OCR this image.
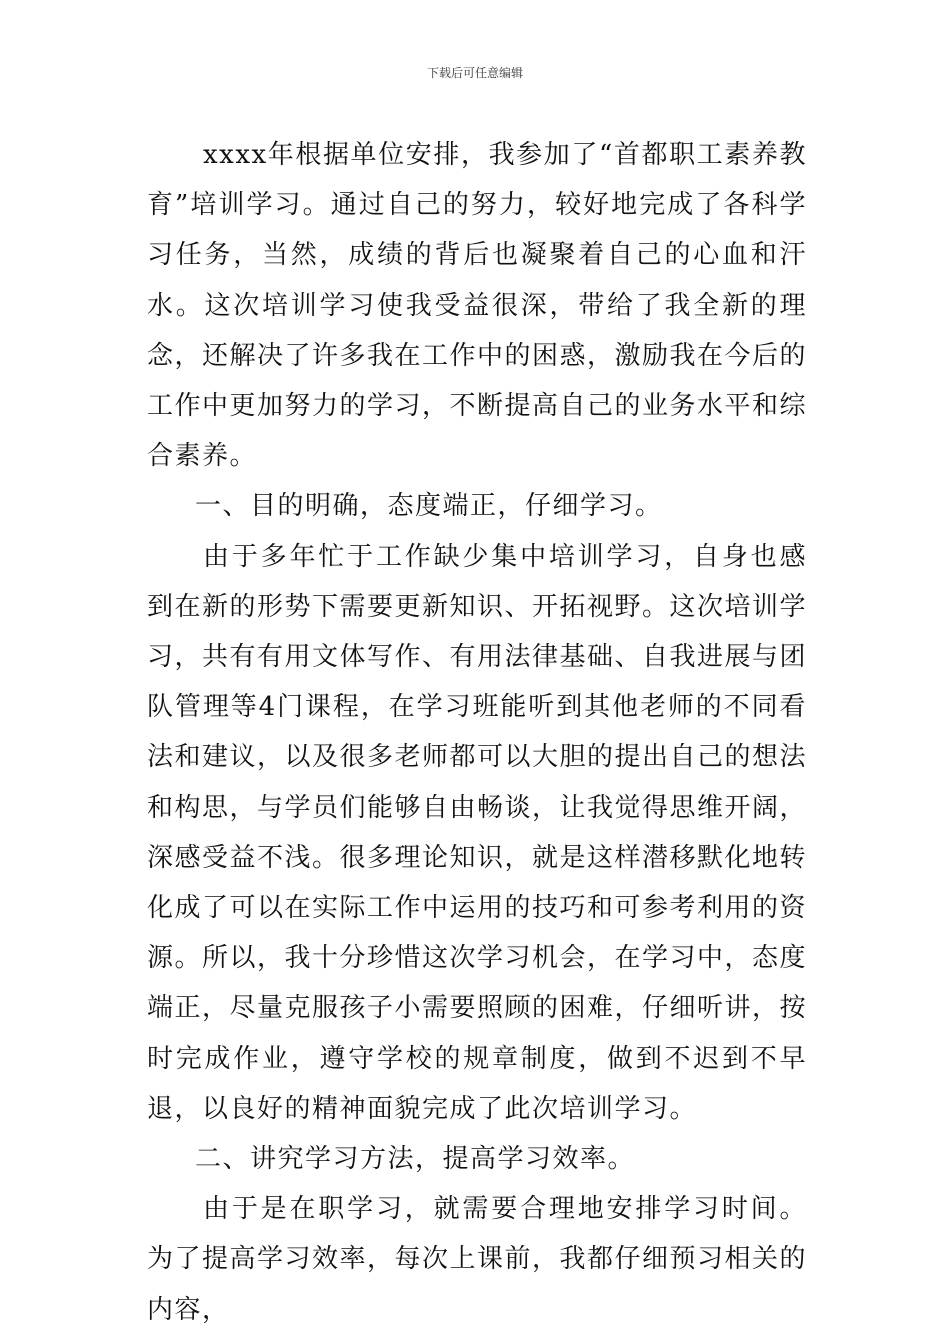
下载后可任意编辑

xxxx年根据单位安排，我参加了“首都职工素养教育”培训学习。通过自己的努力，较好地完成了各科学习任务，当然，成绩的背后也凝聚着自己的心血和汗水。这次培训学习使我受益很深，带给了我全新的理念，还解决了许多我在工作中的困惑，激励我在今后的工作中更加努力的学习，不断提高自己的业务水平和综合素养。

一、目的明确，态度端正，仔细学习。

由于多年忙于工作缺少集中培训学习，自身也感到在新的形势下需要更新知识、开拓视野。这次培训学习，共有有用文体写作、有用法律基础、自我进展与团队管理等4门课程，在学习班能听到其他老师的不同看法和建议，以及很多老师都可以大胆的提出自己的想法和构思，与学员们能够自由畅谈，让我觉得思维开阔，深感受益不浅。很多理论知识，就是这样潜移默化地转化成了可以在实际工作中运用的技巧和可参考利用的资源。所以，我十分珍惜这次学习机会，在学习中，态度端正，尽量克服孩子小需要照顾的困难，仔细听讲，按时完成作业，遵守学校的规章制度，做到不迟到不早退，以良好的精神面貌完成了此次培训学习。

二、讲究学习方法，提高学习效率。

由于是在职学习，就需要合理地安排学习时间。为了提高学习效率，每次上课前，我都仔细预习相关的内容，
